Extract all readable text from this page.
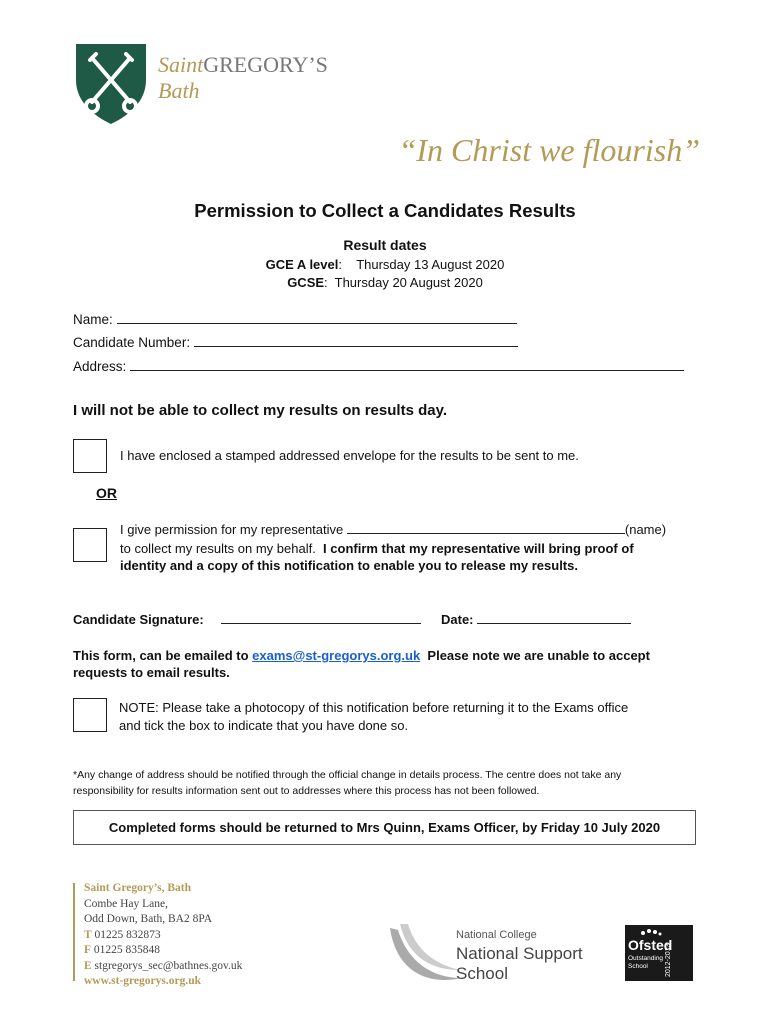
SaintGREGORY’S
Bath
“In Christ we flourish”
Permission to Collect a Candidates Results
Result dates
GCE A level:    Thursday 13 August 2020
GCSE:  Thursday 20 August 2020
Name:
Candidate Number:
Address:
I will not be able to collect my results on results day.
I have enclosed a stamped addressed envelope for the results to be sent to me.
OR
I give permission for my representative	(name)
to collect my results on my behalf. I confirm that my representative will bring proof of
identity and a copy of this notification to enable you to release my results.
Candidate Signature:	Date:
This form, can be emailed to exams@st-gregorys.org.uk Please note we are unable to accept
requests to email results.
NOTE: Please take a photocopy of this notification before returning it to the Exams office
and tick the box to indicate that you have done so.
*Any change of address should be notified through the official change in details process. The centre does not take any
responsibility for results information sent out to addresses where this process has not been followed.
Completed forms should be returned to Mrs Quinn, Exams Officer, by Friday 10 July 2020
Saint Gregory’s, Bath
Combe Hay Lane,
Odd Down, Bath, BA2 8PA
T 01225 832873
F 01225 835848
E stgregorys_sec@bathnes.gov.uk
www.st-gregorys.org.uk
National College
National Support
School
Ofsted
Outstanding
School 2012-2013
